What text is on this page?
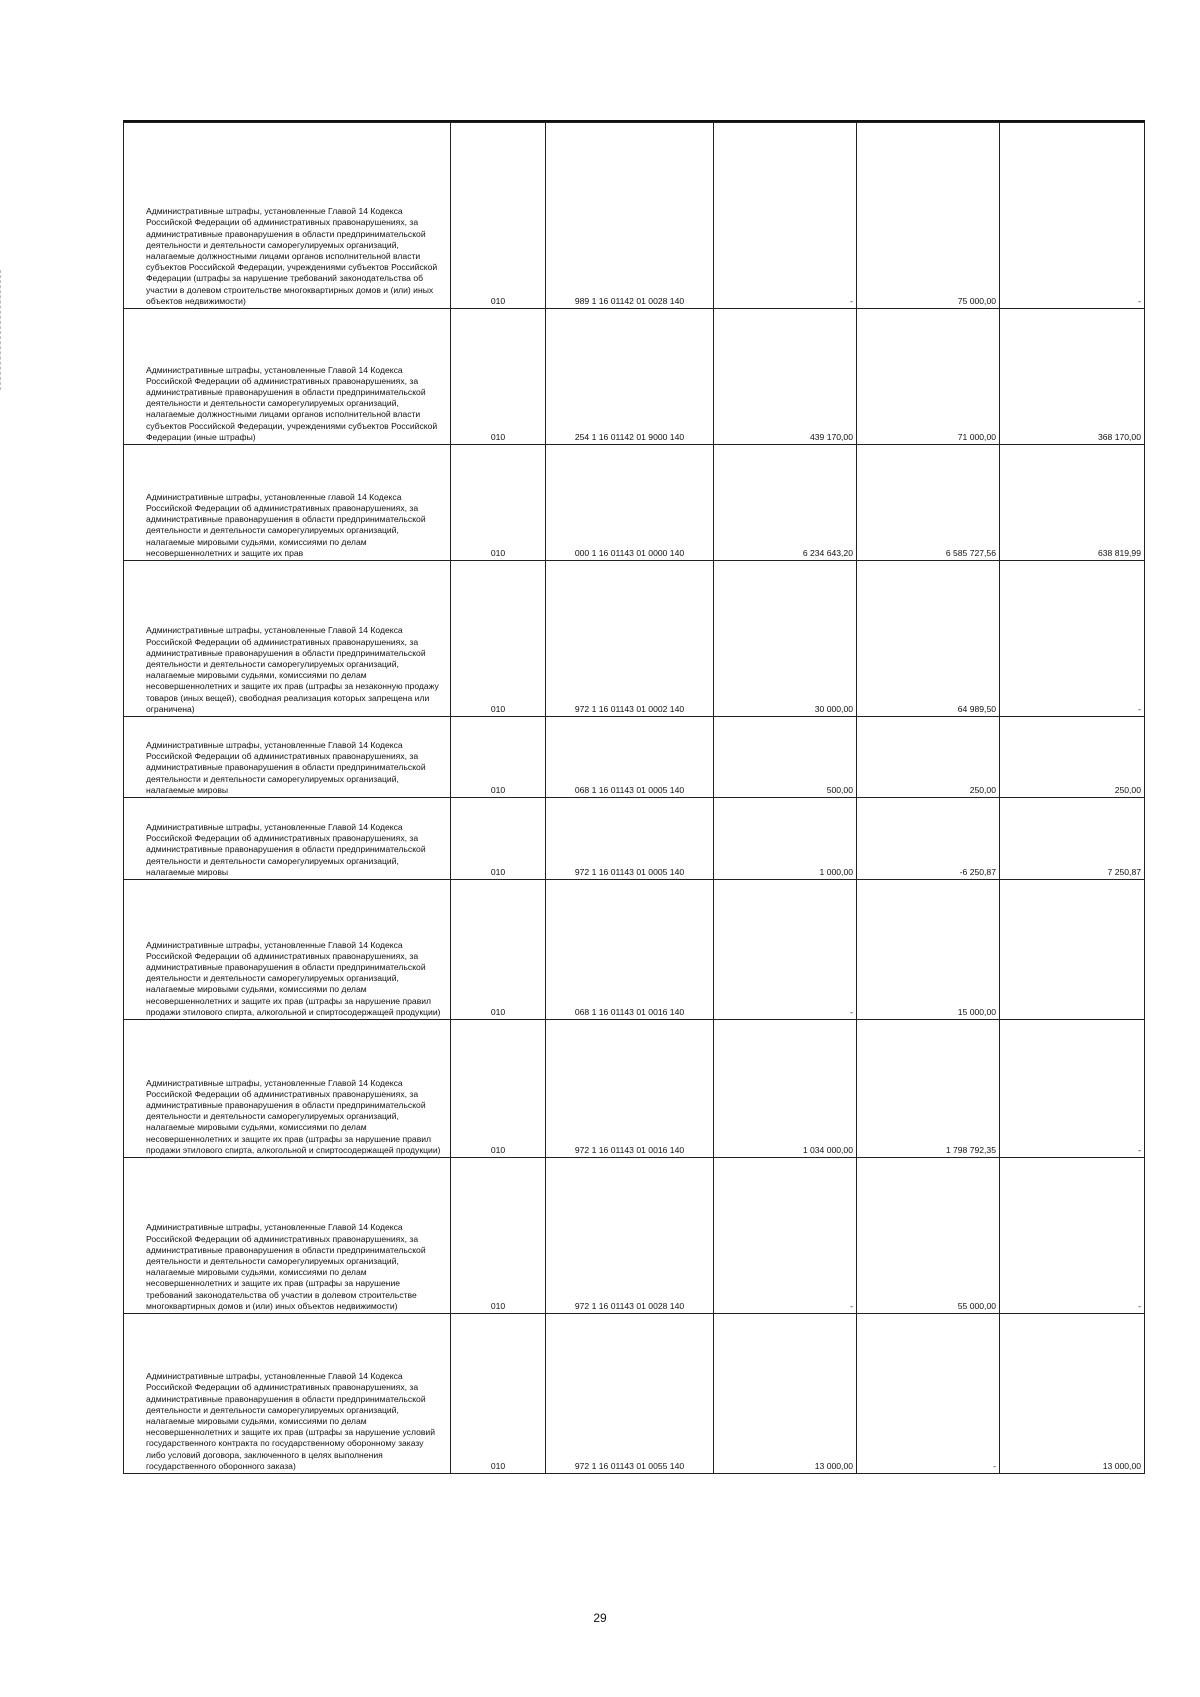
Административные штрафы, установленные Главой 14 Кодекса Российской Федерации об административных правонарушениях, за административные правонарушения в области предпринимательской деятельности и деятельности саморегулируемых организаций, налагаемые должностными лицами органов исполнительной власти субъектов Российской Федерации, учреждениями субъектов Российской Федерации (штрафы за нарушение требований законодательства об участии в долевом строительстве многоквартирных домов и (или) иных объектов недвижимости)	010	989 1 16 01142 01 0028 140	-	75 000,00	-
Административные штрафы, установленные Главой 14 Кодекса Российской Федерации об административных правонарушениях, за административные правонарушения в области предпринимательской деятельности и деятельности саморегулируемых организаций, налагаемые должностными лицами органов исполнительной власти субъектов Российской Федерации, учреждениями субъектов Российской Федерации (иные штрафы)	010	254 1 16 01142 01 9000 140	439 170,00	71 000,00	368 170,00
Административные штрафы, установленные главой 14 Кодекса Российской Федерации об административных правонарушениях, за административные правонарушения в области предпринимательской деятельности и деятельности саморегулируемых организаций, налагаемые мировыми судьями, комиссиями по делам несовершеннолетних и защите их прав	010	000 1 16 01143 01 0000 140	6 234 643,20	6 585 727,56	638 819,99
Административные штрафы, установленные Главой 14 Кодекса Российской Федерации об административных правонарушениях, за административные правонарушения в области предпринимательской деятельности и деятельности саморегулируемых организаций, налагаемые мировыми судьями, комиссиями по делам несовершеннолетних и защите их прав (штрафы за незаконную продажу товаров (иных вещей), свободная реализация которых запрещена или ограничена)	010	972 1 16 01143 01 0002 140	30 000,00	64 989,50	-
Административные штрафы, установленные Главой 14 Кодекса Российской Федерации об административных правонарушениях, за административные правонарушения в области предпринимательской деятельности и деятельности саморегулируемых организаций, налагаемые мировы	010	068 1 16 01143 01 0005 140	500,00	250,00	250,00
Административные штрафы, установленные Главой 14 Кодекса Российской Федерации об административных правонарушениях, за административные правонарушения в области предпринимательской деятельности и деятельности саморегулируемых организаций, налагаемые мировы	010	972 1 16 01143 01 0005 140	1 000,00	-6 250,87	7 250,87
Административные штрафы, установленные Главой 14 Кодекса Российской Федерации об административных правонарушениях, за административные правонарушения в области предпринимательской деятельности и деятельности саморегулируемых организаций, налагаемые мировыми судьями, комиссиями по делам несовершеннолетних и защите их прав (штрафы за нарушение правил продажи этилового спирта, алкогольной и спиртосодержащей продукции)	010	068 1 16 01143 01 0016 140	-	15 000,00	
Административные штрафы, установленные Главой 14 Кодекса Российской Федерации об административных правонарушениях, за административные правонарушения в области предпринимательской деятельности и деятельности саморегулируемых организаций, налагаемые мировыми судьями, комиссиями по делам несовершеннолетних и защите их прав (штрафы за нарушение правил продажи этилового спирта, алкогольной и спиртосодержащей продукции)	010	972 1 16 01143 01 0016 140	1 034 000,00	1 798 792,35	-
Административные штрафы, установленные Главой 14 Кодекса Российской Федерации об административных правонарушениях, за административные правонарушения в области предпринимательской деятельности и деятельности саморегулируемых организаций, налагаемые мировыми судьями, комиссиями по делам несовершеннолетних и защите их прав (штрафы за нарушение требований законодательства об участии в долевом строительстве многоквартирных домов и (или) иных объектов недвижимости)	010	972 1 16 01143 01 0028 140	-	55 000,00	-
Административные штрафы, установленные Главой 14 Кодекса Российской Федерации об административных правонарушениях, за административные правонарушения в области предпринимательской деятельности и деятельности саморегулируемых организаций, налагаемые мировыми судьями, комиссиями по делам несовершеннолетних и защите их прав (штрафы за нарушение условий государственного контракта по государственному оборонному заказу либо условий договора, заключенного в целях выполнения государственного оборонного заказа)	010	972 1 16 01143 01 0055 140	13 000,00	-	13 000,00
29
